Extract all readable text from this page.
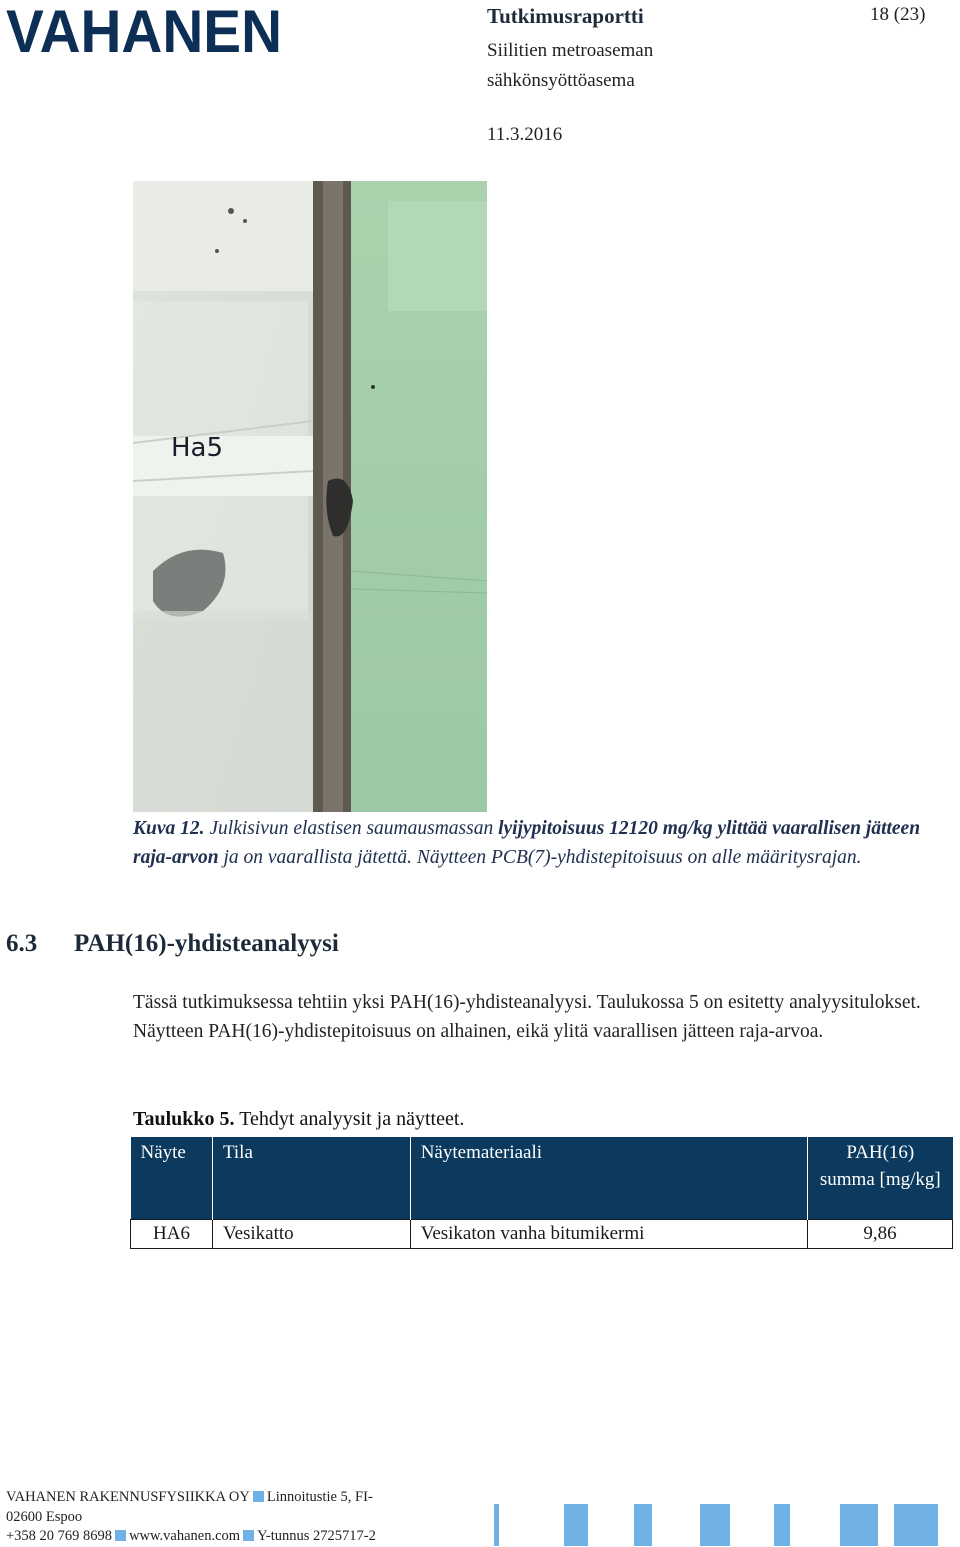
VAHANEN	Tutkimusraportti
Siilitien metroaseman sähkönsyöttöasema
11.3.2016
18 (23)
Ha5
Kuva 12. Julkisivun elastisen saumausmassan lyijypitoisuus 12120 mg/kg ylittää vaarallisen jätteen raja-arvon ja on vaarallista jätettä. Näytteen PCB(7)-yhdistepitoisuus on alle määritysrajan.
6.3 PAH(16)-yhdisteanalyysi
Tässä tutkimuksessa tehtiin yksi PAH(16)-yhdisteanalyysi. Taulukossa 5 on esitetty analyysitulokset. Näytteen PAH(16)-yhdistepitoisuus on alhainen, eikä ylitä vaarallisen jätteen raja-arvoa.
Taulukko 5. Tehdyt analyysit ja näytteet.
Näyte	Tila	Näytemateriaali	PAH(16) summa [mg/kg]
HA6	Vesikatto	Vesikaton vanha bitumikermi	9,86
VAHANEN RAKENNUSFYSIIKKA OY Linnoitustie 5, FI-
02600 Espoo
+358 20 769 8698 www.vahanen.com Y-tunnus 2725717-2
